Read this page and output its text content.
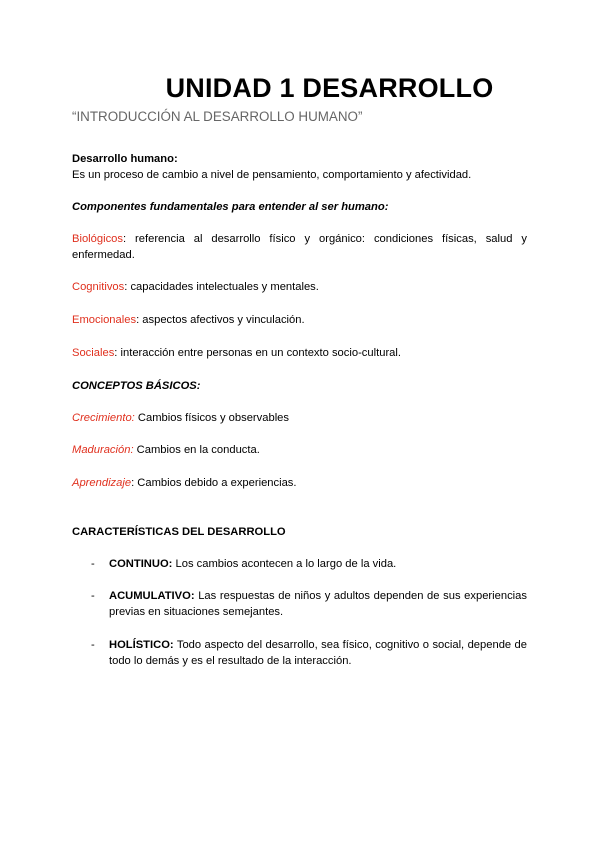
UNIDAD 1 DESARROLLO

“INTRODUCCIÓN AL DESARROLLO HUMANO”

Desarrollo humano:

Es un proceso de cambio a nivel de pensamiento, comportamiento y afectividad.

Componentes fundamentales para entender al ser humano:

Biológicos: referencia al desarrollo físico y orgánico: condiciones físicas, salud y enfermedad.

Cognitivos: capacidades intelectuales y mentales.

Emocionales: aspectos afectivos y vinculación.

Sociales: interacción entre personas en un contexto socio-cultural.

CONCEPTOS BÁSICOS:

Crecimiento: Cambios físicos y observables

Maduración: Cambios en la conducta.

Aprendizaje: Cambios debido a experiencias.

CARACTERÍSTICAS DEL DESARROLLO

- CONTINUO: Los cambios acontecen a lo largo de la vida.
- ACUMULATIVO: Las respuestas de niños y adultos dependen de sus experiencias previas en situaciones semejantes.
- HOLÍSTICO: Todo aspecto del desarrollo, sea físico, cognitivo o social, depende de todo lo demás y es el resultado de la interacción.
